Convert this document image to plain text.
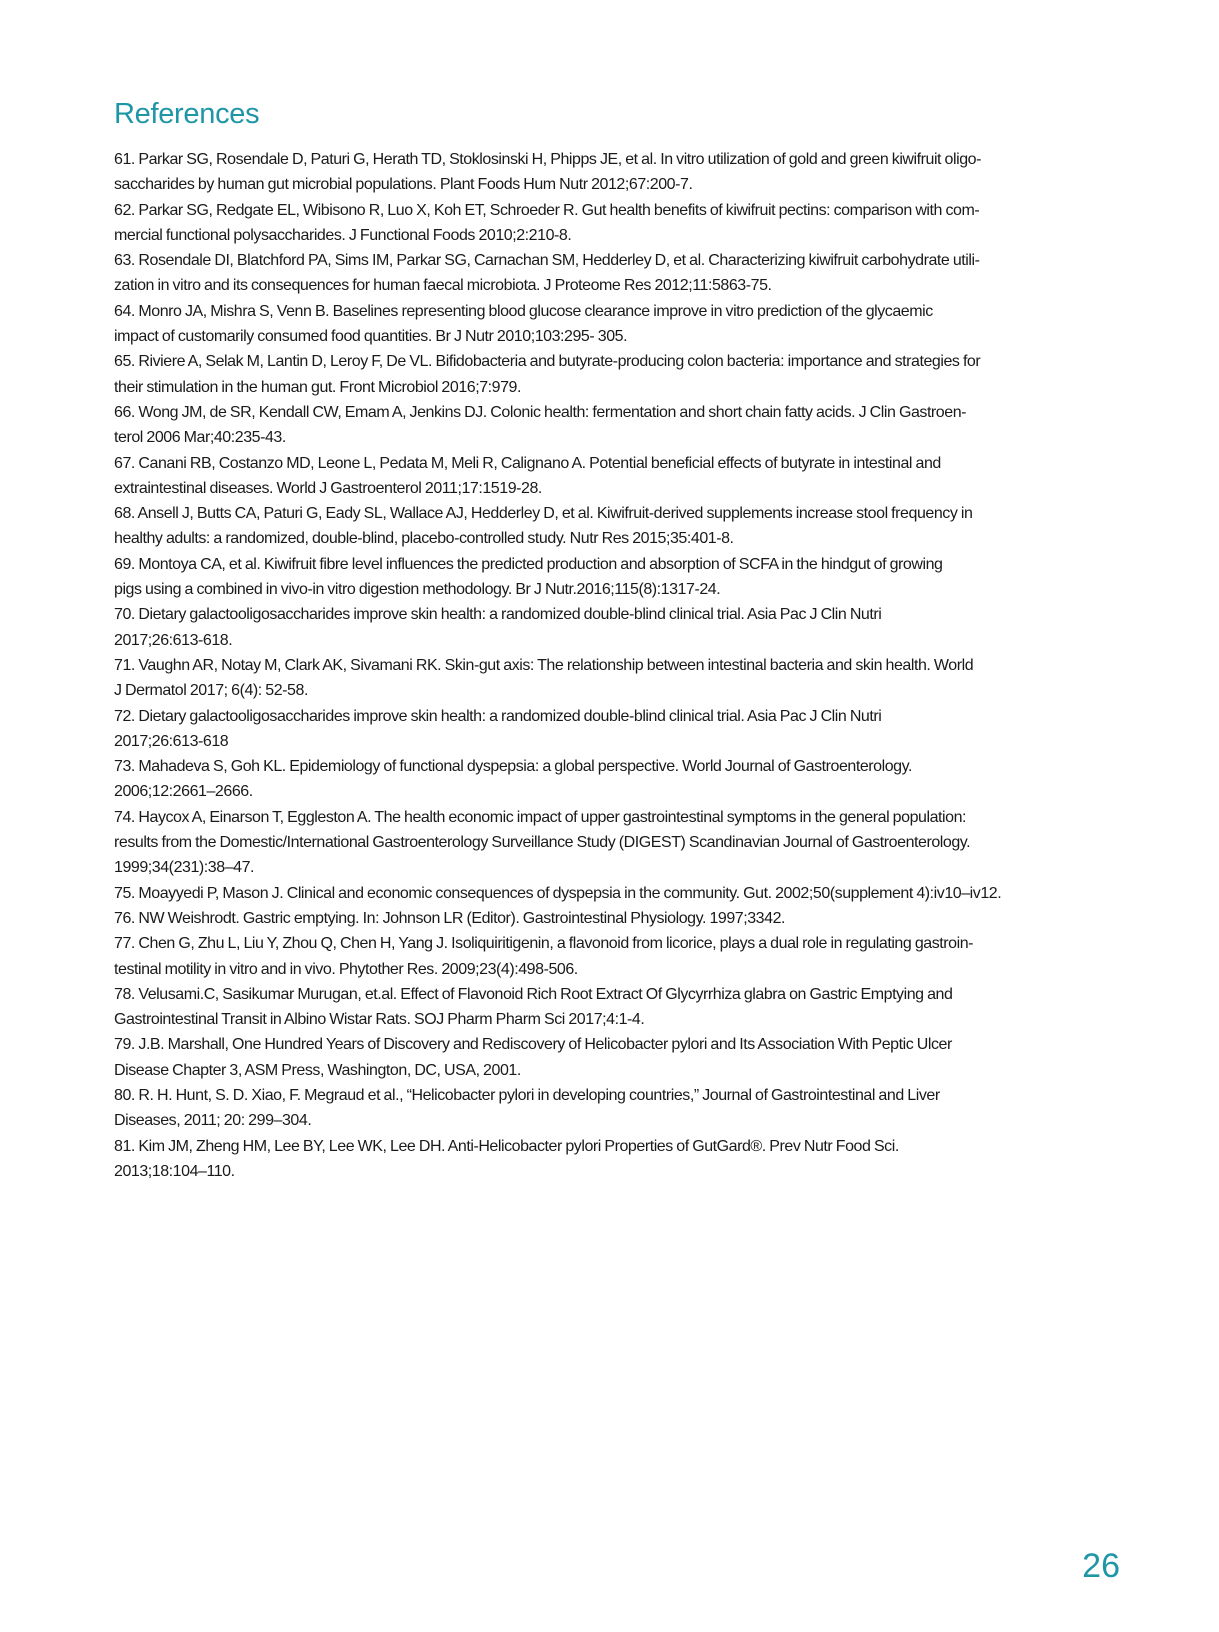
References
61. Parkar SG, Rosendale D, Paturi G, Herath TD, Stoklosinski H, Phipps JE, et al. In vitro utilization of gold and green kiwifruit oligo-
saccharides by human gut microbial populations. Plant Foods Hum Nutr 2012;67:200-7.
62. Parkar SG, Redgate EL, Wibisono R, Luo X, Koh ET, Schroeder R. Gut health benefits of kiwifruit pectins: comparison with com-
mercial functional polysaccharides. J Functional Foods 2010;2:210-8.
63. Rosendale DI, Blatchford PA, Sims IM, Parkar SG, Carnachan SM, Hedderley D, et al. Characterizing kiwifruit carbohydrate utili-
zation in vitro and its consequences for human faecal microbiota. J Proteome Res 2012;11:5863-75.
64. Monro JA, Mishra S, Venn B. Baselines representing blood glucose clearance improve in vitro prediction of the glycaemic
impact of customarily consumed food quantities. Br J Nutr 2010;103:295- 305.
65. Riviere A, Selak M, Lantin D, Leroy F, De VL. Bifidobacteria and butyrate-producing colon bacteria: importance and strategies for
their stimulation in the human gut. Front Microbiol 2016;7:979.
66. Wong JM, de SR, Kendall CW, Emam A, Jenkins DJ. Colonic health: fermentation and short chain fatty acids. J Clin Gastroen-
terol 2006 Mar;40:235-43.
67. Canani RB, Costanzo MD, Leone L, Pedata M, Meli R, Calignano A. Potential beneficial effects of butyrate in intestinal and
extraintestinal diseases. World J Gastroenterol 2011;17:1519-28.
68. Ansell J, Butts CA, Paturi G, Eady SL, Wallace AJ, Hedderley D, et al. Kiwifruit-derived supplements increase stool frequency in
healthy adults: a randomized, double-blind, placebo-controlled study. Nutr Res 2015;35:401-8.
69. Montoya CA, et al. Kiwifruit fibre level influences the predicted production and absorption of SCFA in the hindgut of growing
pigs using a combined in vivo-in vitro digestion methodology. Br J Nutr.2016;115(8):1317-24.
70. Dietary galactooligosaccharides improve skin health: a randomized double-blind clinical trial. Asia Pac J Clin Nutri
2017;26:613-618.
71. Vaughn AR, Notay M, Clark AK, Sivamani RK. Skin-gut axis: The relationship between intestinal bacteria and skin health. World
J Dermatol 2017; 6(4): 52-58.
72. Dietary galactooligosaccharides improve skin health: a randomized double-blind clinical trial. Asia Pac J Clin Nutri
2017;26:613-618
73. Mahadeva S, Goh KL. Epidemiology of functional dyspepsia: a global perspective. World Journal of Gastroenterology.
2006;12:2661–2666.
74. Haycox A, Einarson T, Eggleston A. The health economic impact of upper gastrointestinal symptoms in the general population:
results from the Domestic/International Gastroenterology Surveillance Study (DIGEST) Scandinavian Journal of Gastroenterology.
1999;34(231):38–47.
75. Moayyedi P, Mason J. Clinical and economic consequences of dyspepsia in the community. Gut. 2002;50(supplement 4):iv10–iv12.
76. NW Weishrodt. Gastric emptying. In: Johnson LR (Editor). Gastrointestinal Physiology. 1997;3342.
77. Chen G, Zhu L, Liu Y, Zhou Q, Chen H, Yang J. Isoliquiritigenin, a flavonoid from licorice, plays a dual role in regulating gastroin-
testinal motility in vitro and in vivo. Phytother Res. 2009;23(4):498-506.
78. Velusami.C, Sasikumar Murugan, et.al. Effect of Flavonoid Rich Root Extract Of Glycyrrhiza glabra on Gastric Emptying and
Gastrointestinal Transit in Albino Wistar Rats. SOJ Pharm Pharm Sci 2017;4:1-4.
79. J.B. Marshall, One Hundred Years of Discovery and Rediscovery of Helicobacter pylori and Its Association With Peptic Ulcer
Disease Chapter 3, ASM Press, Washington, DC, USA, 2001.
80. R. H. Hunt, S. D. Xiao, F. Megraud et al., “Helicobacter pylori in developing countries,” Journal of Gastrointestinal and Liver
Diseases, 2011; 20: 299–304.
81. Kim JM, Zheng HM, Lee BY, Lee WK, Lee DH. Anti-Helicobacter pylori Properties of GutGard®. Prev Nutr Food Sci.
2013;18:104–110.
26
